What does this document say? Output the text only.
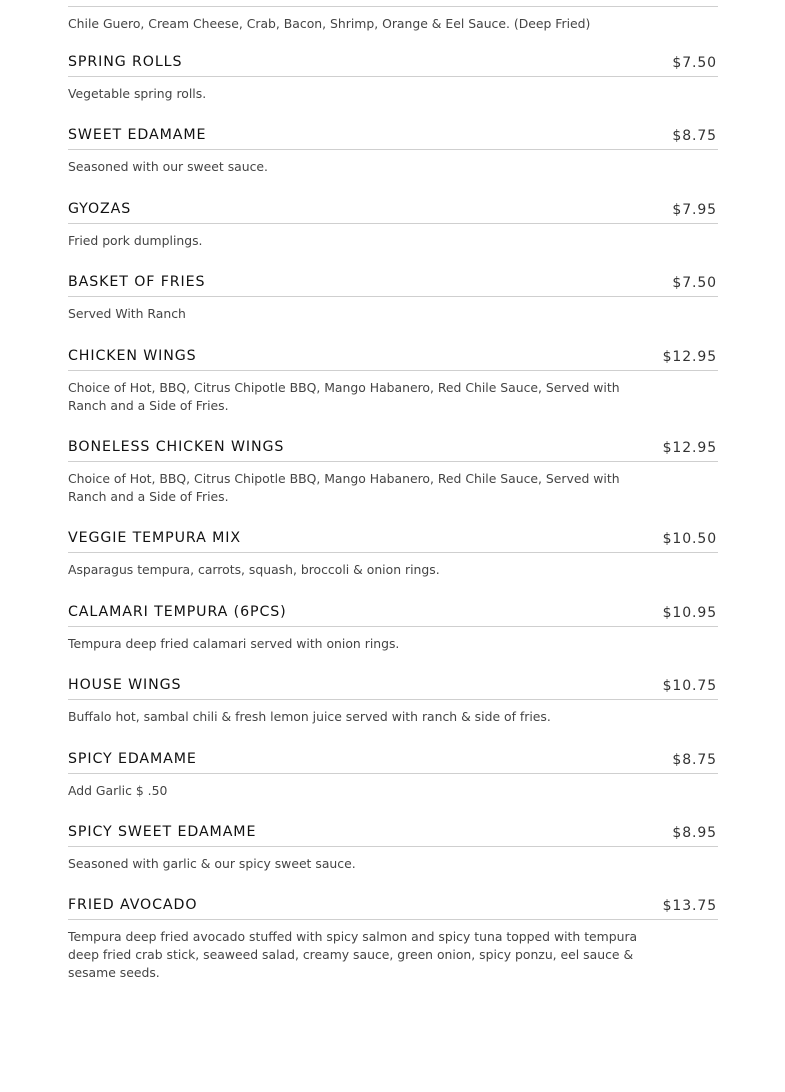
Chile Guero, Cream Cheese, Crab, Bacon, Shrimp, Orange & Eel Sauce. (Deep Fried)
SPRING ROLLS	$7.50
Vegetable spring rolls.
SWEET EDAMAME	$8.75
Seasoned with our sweet sauce.
GYOZAS	$7.95
Fried pork dumplings.
BASKET OF FRIES	$7.50
Served With Ranch
CHICKEN WINGS	$12.95
Choice of Hot, BBQ, Citrus Chipotle BBQ, Mango Habanero, Red Chile Sauce, Served with Ranch and a Side of Fries.
BONELESS CHICKEN WINGS	$12.95
Choice of Hot, BBQ, Citrus Chipotle BBQ, Mango Habanero, Red Chile Sauce, Served with Ranch and a Side of Fries.
VEGGIE TEMPURA MIX	$10.50
Asparagus tempura, carrots, squash, broccoli & onion rings.
CALAMARI TEMPURA (6PCS)	$10.95
Tempura deep fried calamari served with onion rings.
HOUSE WINGS	$10.75
Buffalo hot, sambal chili & fresh lemon juice served with ranch & side of fries.
SPICY EDAMAME	$8.75
Add Garlic $ .50
SPICY SWEET EDAMAME	$8.95
Seasoned with garlic & our spicy sweet sauce.
FRIED AVOCADO	$13.75
Tempura deep fried avocado stuffed with spicy salmon and spicy tuna topped with tempura deep fried crab stick, seaweed salad, creamy sauce, green onion, spicy ponzu, eel sauce & sesame seeds.
